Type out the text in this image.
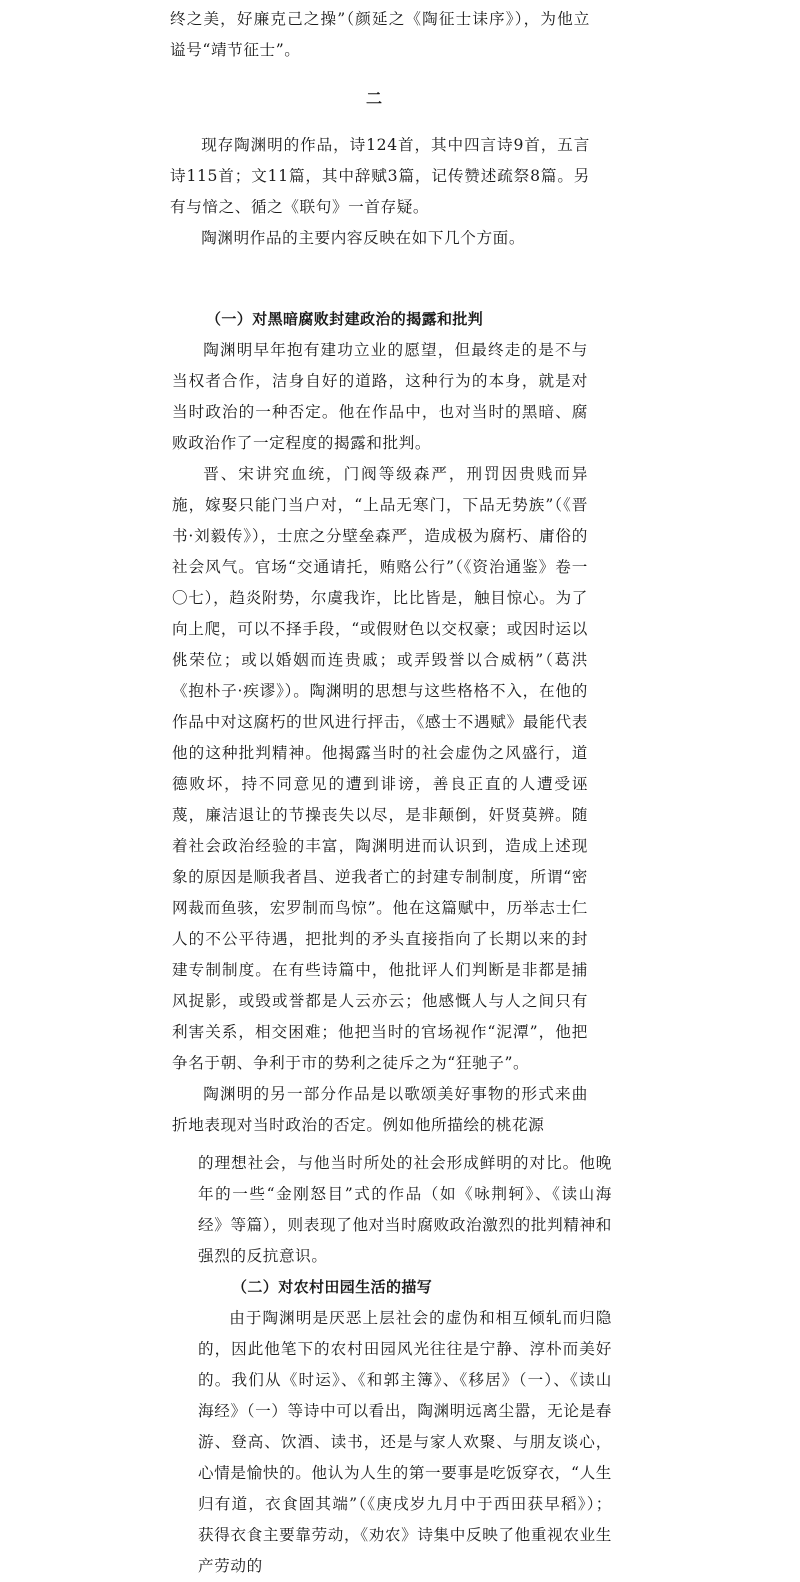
终之美，好廉克己之操”（颜延之《陶征士诔序》），为他立谥号“靖节征士”。

二

现存陶渊明的作品，诗124首，其中四言诗9首，五言诗115首；文11篇，其中辞赋3篇，记传赞述疏祭8篇。另有与愔之、循之《联句》一首存疑。

陶渊明作品的主要内容反映在如下几个方面。

（一）对黑暗腐败封建政治的揭露和批判

陶渊明早年抱有建功立业的愿望，但最终走的是不与当权者合作，洁身自好的道路，这种行为的本身，就是对当时政治的一种否定。他在作品中，也对当时的黑暗、腐败政治作了一定程度的揭露和批判。

晋、宋讲究血统，门阀等级森严，刑罚因贵贱而异施，嫁娶只能门当户对，“上品无寒门，下品无势族”（《晋书·刘毅传》），士庶之分壁垒森严，造成极为腐朽、庸俗的社会风气。官场“交通请托，贿赂公行”（《资治通鉴》卷一〇七），趋炎附势，尔虞我诈，比比皆是，触目惊心。为了向上爬，可以不择手段，“或假财色以交权豪；或因时运以佻荣位；或以婚姻而连贵戚；或弄毁誉以合威柄”（葛洪《抱朴子·疾谬》）。陶渊明的思想与这些格格不入，在他的作品中对这腐朽的世风进行抨击，《感士不遇赋》最能代表他的这种批判精神。他揭露当时的社会虚伪之风盛行，道德败坏，持不同意见的遭到诽谤，善良正直的人遭受诬蔑，廉洁退让的节操丧失以尽，是非颠倒，奸贤莫辨。随着社会政治经验的丰富，陶渊明进而认识到，造成上述现象的原因是顺我者昌、逆我者亡的封建专制制度，所谓“密网裁而鱼骇，宏罗制而鸟惊”。他在这篇赋中，历举志士仁人的不公平待遇，把批判的矛头直接指向了长期以来的封建专制制度。在有些诗篇中，他批评人们判断是非都是捕风捉影，或毁或誉都是人云亦云；他感慨人与人之间只有利害关系，相交困难；他把当时的官场视作“泥潭”，他把争名于朝、争利于市的势利之徒斥之为“狂驰子”。

陶渊明的另一部分作品是以歌颂美好事物的形式来曲折地表现对当时政治的否定。例如他所描绘的桃花源

的理想社会，与他当时所处的社会形成鲜明的对比。他晚年的一些“金刚怒目”式的作品（如《咏荆轲》、《读山海经》等篇），则表现了他对当时腐败政治激烈的批判精神和强烈的反抗意识。

（二）对农村田园生活的描写

由于陶渊明是厌恶上层社会的虚伪和相互倾轧而归隐的，因此他笔下的农村田园风光往往是宁静、淳朴而美好的。我们从《时运》、《和郭主簿》、《移居》（一）、《读山海经》（一）等诗中可以看出，陶渊明远离尘嚣，无论是春游、登高、饮酒、读书，还是与家人欢聚、与朋友谈心，心情是愉快的。他认为人生的第一要事是吃饭穿衣，“人生归有道，衣食固其端”（《庚戌岁九月中于西田获早稻》）；获得衣食主要靠劳动，《劝农》诗集中反映了他重视农业生产劳动的
